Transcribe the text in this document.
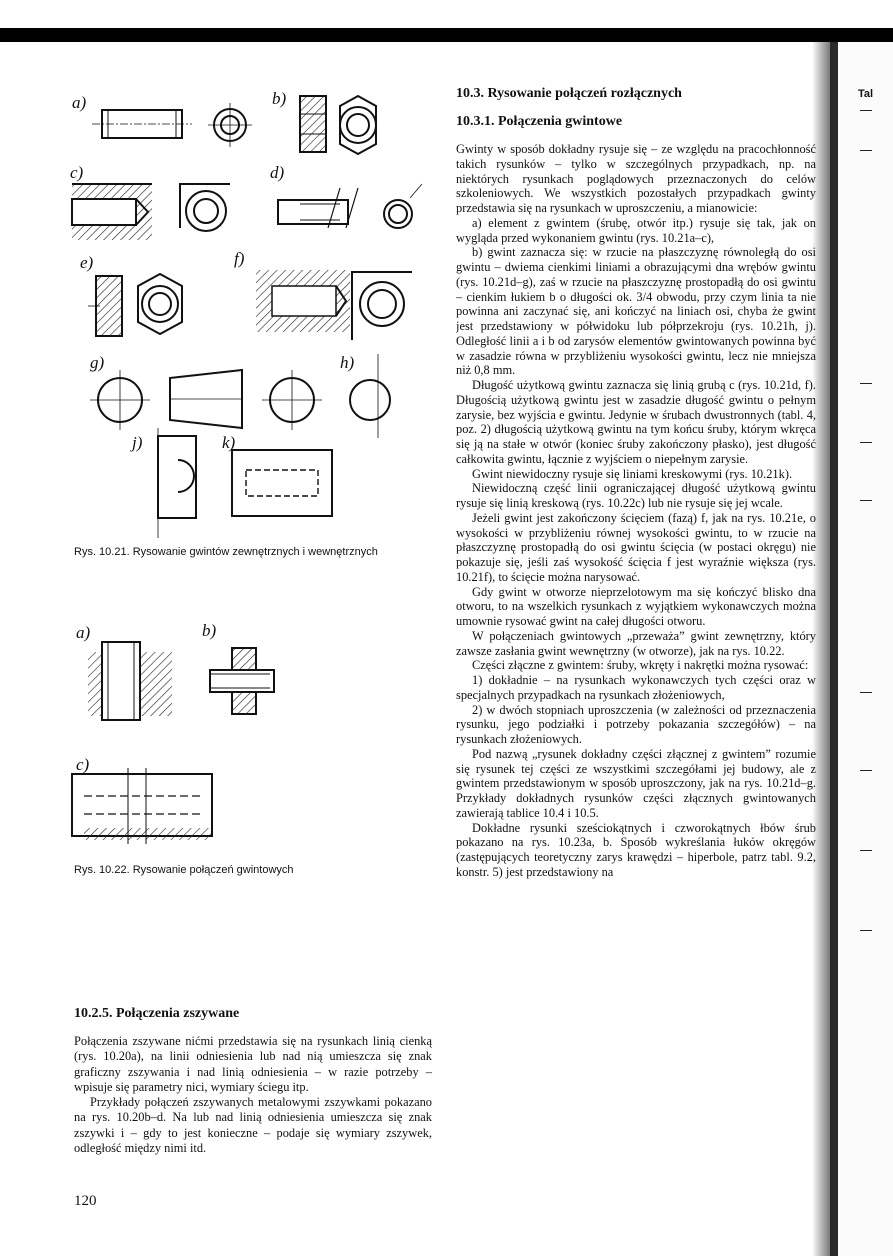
Tal
a)	b)
c)	d)
e)	f)
g)	h)
j)	k)
Rys. 10.21. Rysowanie gwintów zewnętrznych i wewnętrznych
a)	b)
c)
Rys. 10.22. Rysowanie połączeń gwintowych
10.2.5. Połączenia zszywane

Połączenia zszywane nićmi przedstawia się na rysunkach linią cienką (rys. 10.20a), na linii odniesienia lub nad nią umieszcza się znak graficzny zszywania i nad linią odniesienia – w razie potrzeby – wpisuje się parametry nici, wymiary ściegu itp.

Przykłady połączeń zszywanych metalowymi zszywkami pokazano na rys. 10.20b–d. Na lub nad linią odniesienia umieszcza się znak zszywki i – gdy to jest konieczne – podaje się wymiary zszywek, odległość między nimi itd.

10.3. Rysowanie połączeń rozłącznych
10.3.1. Połączenia gwintowe

Gwinty w sposób dokładny rysuje się – ze względu na pracochłonność takich rysunków – tylko w szczególnych przypadkach, np. na niektórych rysunkach poglądowych przeznaczonych do celów szkoleniowych. We wszystkich pozostałych przypadkach gwinty przedstawia się na rysunkach w uproszczeniu, a mianowicie:

a) element z gwintem (śrubę, otwór itp.) rysuje się tak, jak on wygląda przed wykonaniem gwintu (rys. 10.21a–c),

b) gwint zaznacza się: w rzucie na płaszczyznę równoległą do osi gwintu – dwiema cienkimi liniami a obrazującymi dna wrębów gwintu (rys. 10.21d–g), zaś w rzucie na płaszczyznę prostopadłą do osi gwintu – cienkim łukiem b o długości ok. 3/4 obwodu, przy czym linia ta nie powinna ani zaczynać się, ani kończyć na liniach osi, chyba że gwint jest przedstawiony w półwidoku lub półprzekroju (rys. 10.21h, j). Odległość linii a i b od zarysów elementów gwintowanych powinna być w zasadzie równa w przybliżeniu wysokości gwintu, lecz nie mniejsza niż 0,8 mm.

Długość użytkową gwintu zaznacza się linią grubą c (rys. 10.21d, f). Długością użytkową gwintu jest w zasadzie długość gwintu o pełnym zarysie, bez wyjścia e gwintu. Jedynie w śrubach dwustronnych (tabl. 4, poz. 2) długością użytkową gwintu na tym końcu śruby, którym wkręca się ją na stałe w otwór (koniec śruby zakończony płasko), jest długość całkowita gwintu, łącznie z wyjściem o niepełnym zarysie.

Gwint niewidoczny rysuje się liniami kreskowymi (rys. 10.21k).

Niewidoczną część linii ograniczającej długość użytkową gwintu rysuje się linią kreskową (rys. 10.22c) lub nie rysuje się jej wcale.

Jeżeli gwint jest zakończony ścięciem (fazą) f, jak na rys. 10.21e, o wysokości w przybliżeniu równej wysokości gwintu, to w rzucie na płaszczyznę prostopadłą do osi gwintu ścięcia (w postaci okręgu) nie pokazuje się, jeśli zaś wysokość ścięcia f jest wyraźnie większa (rys. 10.21f), to ścięcie można narysować.

Gdy gwint w otworze nieprzelotowym ma się kończyć blisko dna otworu, to na wszelkich rysunkach z wyjątkiem wykonawczych można umownie rysować gwint na całej długości otworu.

W połączeniach gwintowych „przeważa” gwint zewnętrzny, który zawsze zasłania gwint wewnętrzny (w otworze), jak na rys. 10.22.

Części złączne z gwintem: śruby, wkręty i nakrętki można rysować:

1) dokładnie – na rysunkach wykonawczych tych części oraz w specjalnych przypadkach na rysunkach złożeniowych,

2) w dwóch stopniach uproszczenia (w zależności od przeznaczenia rysunku, jego podziałki i potrzeby pokazania szczegółów) – na rysunkach złożeniowych.

Pod nazwą „rysunek dokładny części złącznej z gwintem” rozumie się rysunek tej części ze wszystkimi szczegółami jej budowy, ale z gwintem przedstawionym w sposób uproszczony, jak na rys. 10.21d–g. Przykłady dokładnych rysunków części złącznych gwintowanych zawierają tablice 10.4 i 10.5.

Dokładne rysunki sześciokątnych i czworokątnych łbów śrub pokazano na rys. 10.23a, b. Sposób wykreślania łuków okręgów (zastępujących teoretyczny zarys krawędzi – hiperbole, patrz tabl. 9.2, konstr. 5) jest przedstawiony na

120
